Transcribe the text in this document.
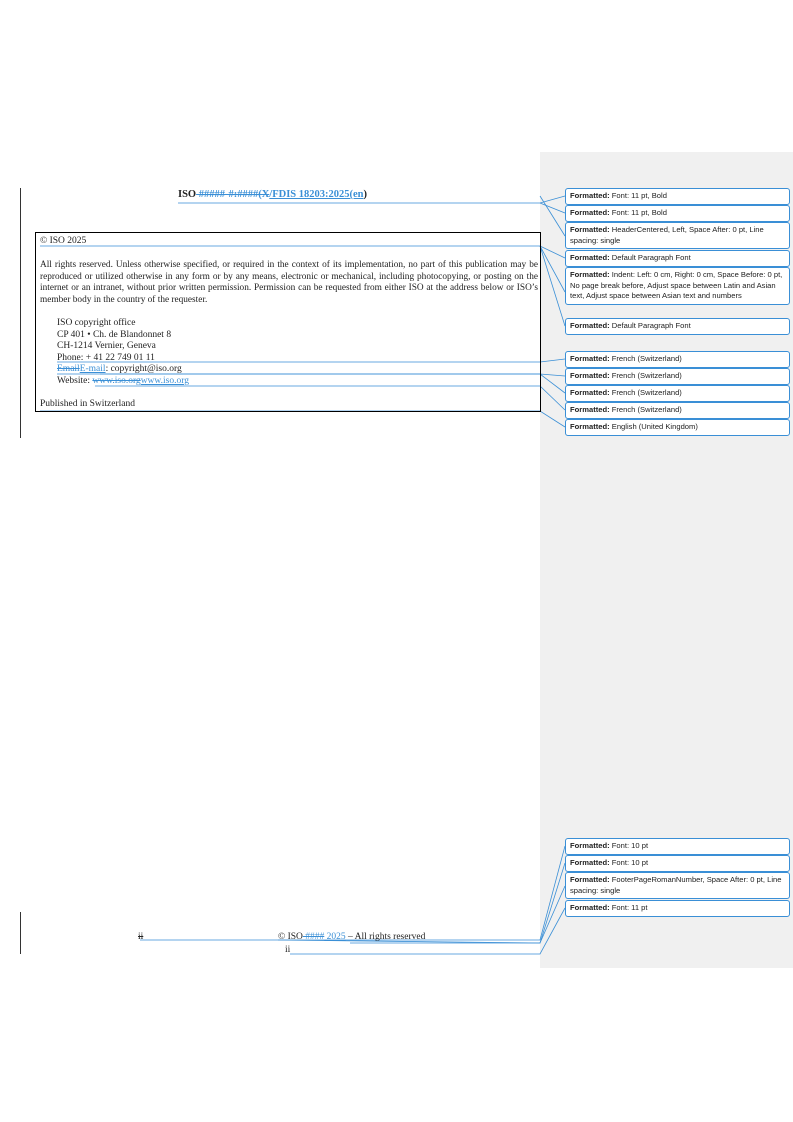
ISO #####-#:####(X/FDIS 18203:2025(en)
© ISO 2025
All rights reserved. Unless otherwise specified, or required in the context of its implementation, no part of this publication may be reproduced or utilized otherwise in any form or by any means, electronic or mechanical, including photocopying, or posting on the internet or an intranet, without prior written permission. Permission can be requested from either ISO at the address below or ISO’s member body in the country of the requester.
ISO copyright office
CP 401 • Ch. de Blandonnet 8
CH-1214 Vernier, Geneva
Phone: + 41 22 749 01 11
EmailE-mail: copyright@iso.org
Website: www.iso.orgwww.iso.org
Published in Switzerland
ii	© ISO #### 2025 – All rights reserved
ii
Formatted: Font: 11 pt, Bold
Formatted: Font: 11 pt, Bold
Formatted: HeaderCentered, Left, Space After: 0 pt, Line spacing: single
Formatted: Default Paragraph Font
Formatted: Indent: Left: 0 cm, Right: 0 cm, Space Before: 0 pt, No page break before, Adjust space between Latin and Asian text, Adjust space between Asian text and numbers
Formatted: Default Paragraph Font
Formatted: French (Switzerland)
Formatted: French (Switzerland)
Formatted: French (Switzerland)
Formatted: French (Switzerland)
Formatted: English (United Kingdom)
Formatted: Font: 10 pt
Formatted: Font: 10 pt
Formatted: FooterPageRomanNumber, Space After: 0 pt, Line spacing: single
Formatted: Font: 11 pt
